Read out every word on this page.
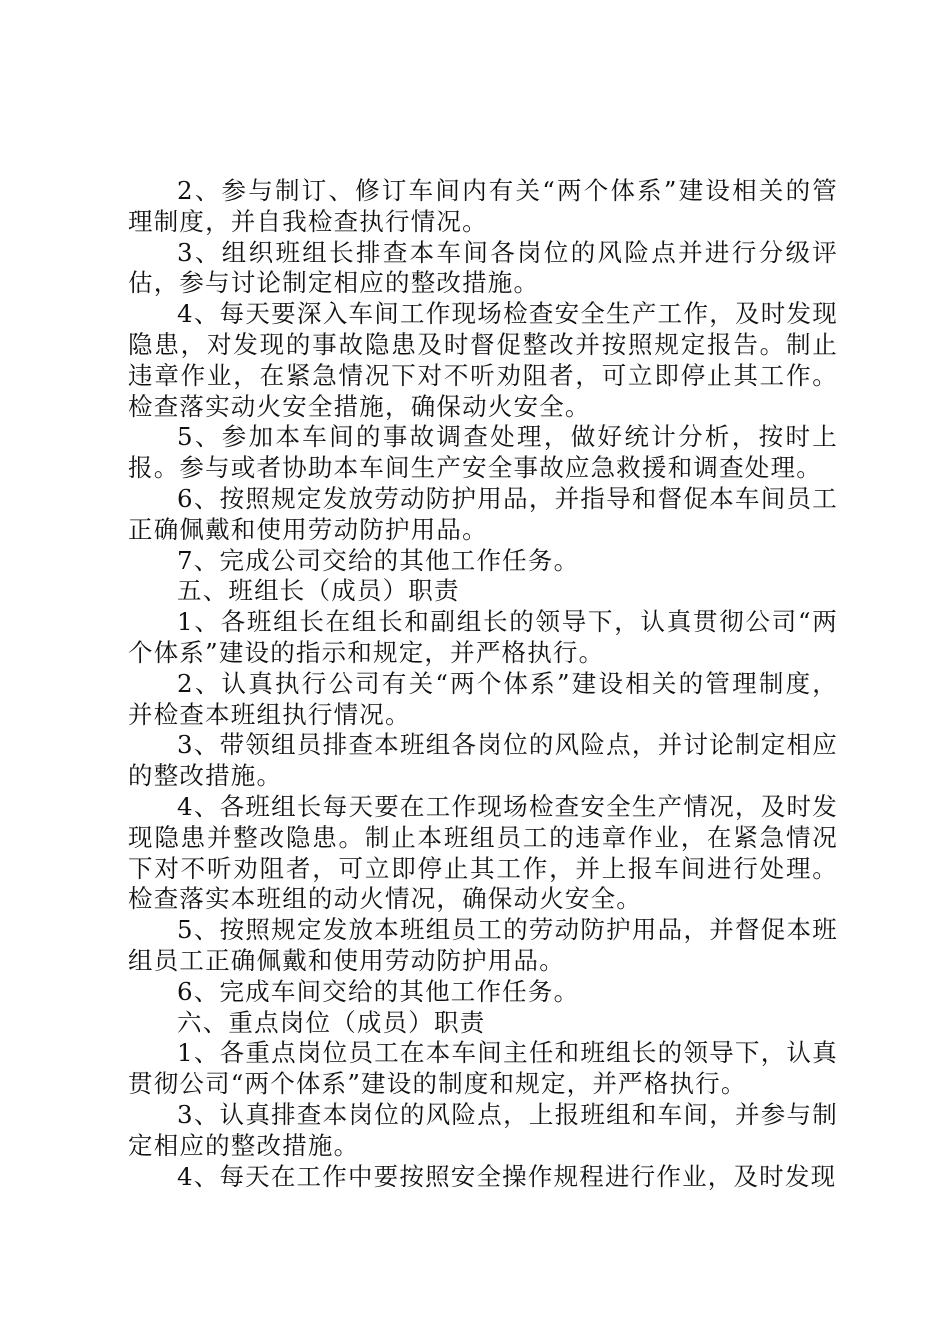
2、参与制订、修订车间内有关“两个体系”建设相关的管理制度，并自我检查执行情况。

3、组织班组长排查本车间各岗位的风险点并进行分级评估，参与讨论制定相应的整改措施。

4、每天要深入车间工作现场检查安全生产工作，及时发现隐患，对发现的事故隐患及时督促整改并按照规定报告。制止违章作业，在紧急情况下对不听劝阻者，可立即停止其工作。检查落实动火安全措施，确保动火安全。

5、参加本车间的事故调查处理，做好统计分析，按时上报。参与或者协助本车间生产安全事故应急救援和调查处理。

6、按照规定发放劳动防护用品，并指导和督促本车间员工正确佩戴和使用劳动防护用品。

7、完成公司交给的其他工作任务。

五、班组长（成员）职责

1、各班组长在组长和副组长的领导下，认真贯彻公司“两个体系”建设的指示和规定，并严格执行。

2、认真执行公司有关“两个体系”建设相关的管理制度，并检查本班组执行情况。

3、带领组员排查本班组各岗位的风险点，并讨论制定相应的整改措施。

4、各班组长每天要在工作现场检查安全生产情况，及时发现隐患并整改隐患。制止本班组员工的违章作业，在紧急情况下对不听劝阻者，可立即停止其工作，并上报车间进行处理。检查落实本班组的动火情况，确保动火安全。

5、按照规定发放本班组员工的劳动防护用品，并督促本班组员工正确佩戴和使用劳动防护用品。

6、完成车间交给的其他工作任务。

六、重点岗位（成员）职责

1、各重点岗位员工在本车间主任和班组长的领导下，认真贯彻公司“两个体系”建设的制度和规定，并严格执行。

3、认真排查本岗位的风险点，上报班组和车间，并参与制定相应的整改措施。

4、每天在工作中要按照安全操作规程进行作业，及时发现
